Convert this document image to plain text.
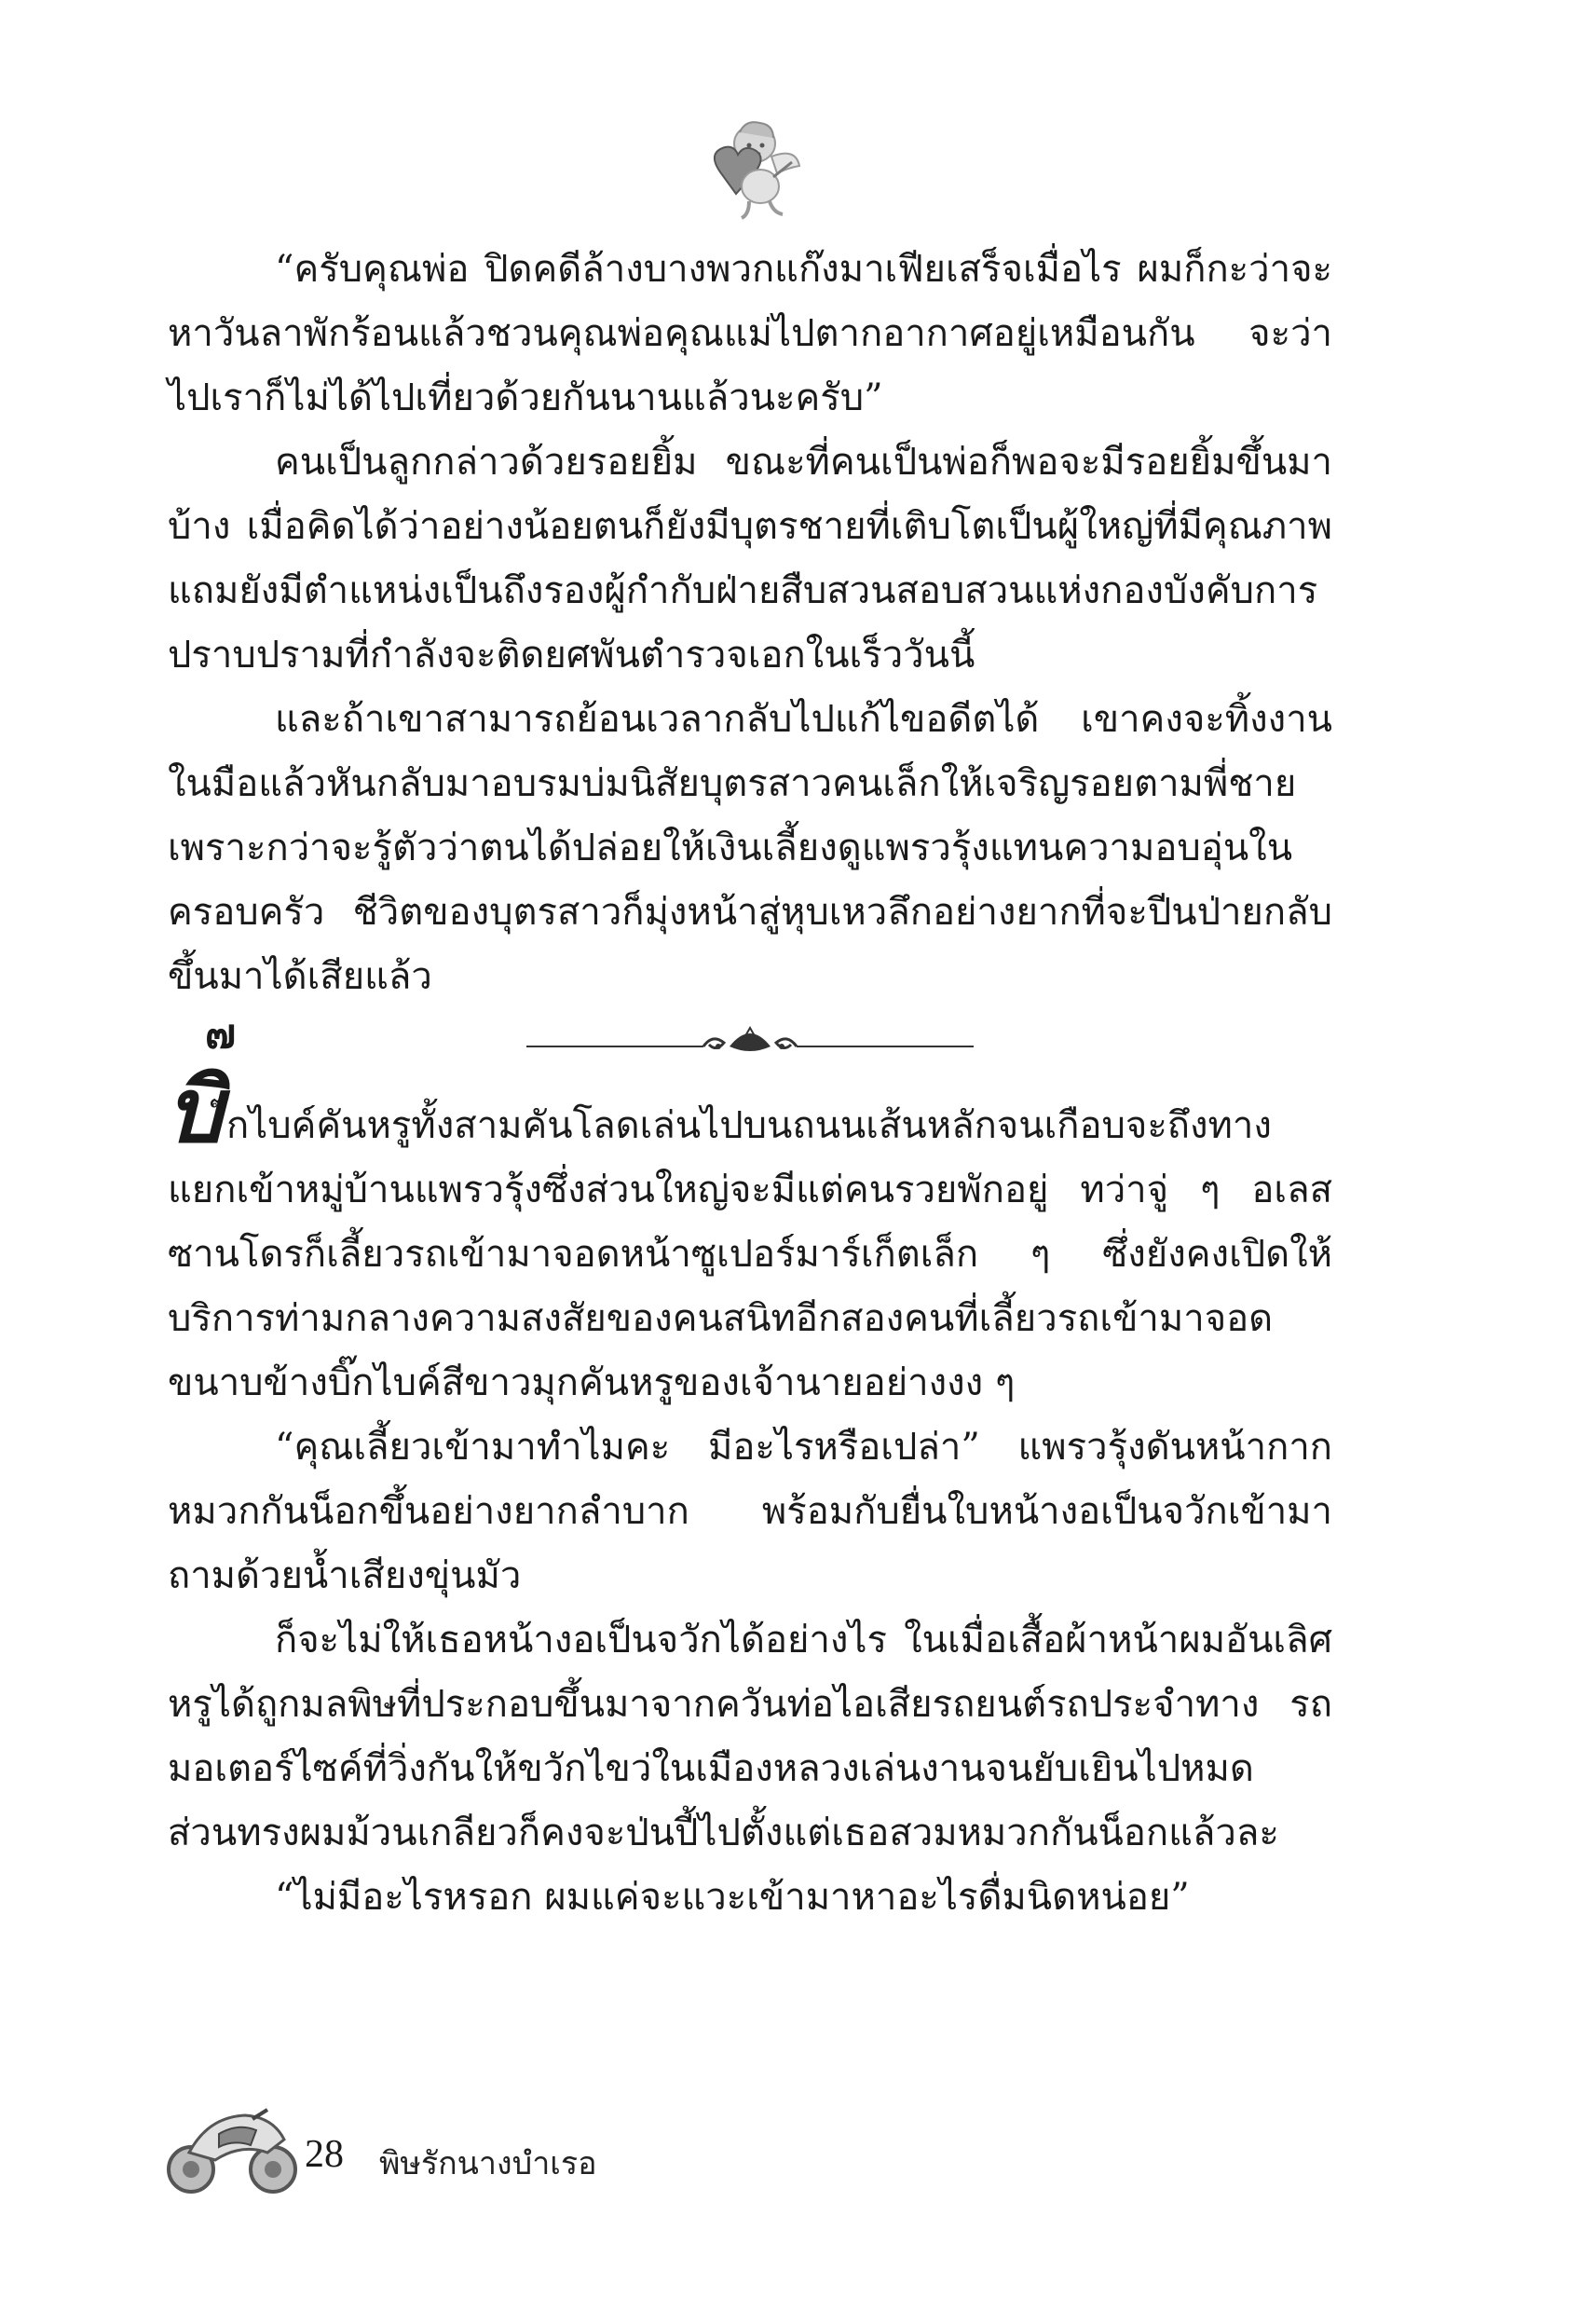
“ครับคุณพ่อ ปิดคดีล้างบางพวกแก๊งมาเฟียเสร็จเมื่อไร ผมก็กะว่าจะหาวันลาพักร้อนแล้วชวนคุณพ่อคุณแม่ไปตากอากาศอยู่เหมือนกัน จะว่าไปเราก็ไม่ได้ไปเที่ยวด้วยกันนานแล้วนะครับ”

คนเป็นลูกกล่าวด้วยรอยยิ้ม ขณะที่คนเป็นพ่อก็พอจะมีรอยยิ้มขึ้นมาบ้าง เมื่อคิดได้ว่าอย่างน้อยตนก็ยังมีบุตรชายที่เติบโตเป็นผู้ใหญ่ที่มีคุณภาพ แถมยังมีตำแหน่งเป็นถึงรองผู้กำกับฝ่ายสืบสวนสอบสวนแห่งกองบังคับการปราบปรามที่กำลังจะติดยศพันตำรวจเอกในเร็ววันนี้

และถ้าเขาสามารถย้อนเวลากลับไปแก้ไขอดีตได้ เขาคงจะทิ้งงานในมือแล้วหันกลับมาอบรมบ่มนิสัยบุตรสาวคนเล็กให้เจริญรอยตามพี่ชาย เพราะกว่าจะรู้ตัวว่าตนได้ปล่อยให้เงินเลี้ยงดูแพรวรุ้งแทนความอบอุ่นในครอบครัว ชีวิตของบุตรสาวก็มุ่งหน้าสู่หุบเหวลึกอย่างยากที่จะปีนป่ายกลับขึ้นมาได้เสียแล้ว

๗

บิ ๊กไบค์คันหรูทั้งสามคันโลดเล่นไปบนถนนเส้นหลักจนเกือบจะถึงทางแยกเข้าหมู่บ้านแพรวรุ้งซึ่งส่วนใหญ่จะมีแต่คนรวยพักอยู่ ทว่าจู่ ๆ อเลสซานโดรก็เลี้ยวรถเข้ามาจอดหน้าซูเปอร์มาร์เก็ตเล็ก ๆ ซึ่งยังคงเปิดให้บริการท่ามกลางความสงสัยของคนสนิทอีกสองคนที่เลี้ยวรถเข้ามาจอดขนาบข้างบิ๊กไบค์สีขาวมุกคันหรูของเจ้านายอย่างงง ๆ

“คุณเลี้ยวเข้ามาทำไมคะ มีอะไรหรือเปล่า” แพรวรุ้งดันหน้ากากหมวกกันน็อกขึ้นอย่างยากลำบาก พร้อมกับยื่นใบหน้างอเป็นจวักเข้ามาถามด้วยน้ำเสียงขุ่นมัว

ก็จะไม่ให้เธอหน้างอเป็นจวักได้อย่างไร ในเมื่อเสื้อผ้าหน้าผมอันเลิศหรูได้ถูกมลพิษที่ประกอบขึ้นมาจากควันท่อไอเสียรถยนต์รถประจำทาง รถมอเตอร์ไซค์ที่วิ่งกันให้ขวักไขว่ในเมืองหลวงเล่นงานจนยับเยินไปหมด ส่วนทรงผมม้วนเกลียวก็คงจะป่นปี้ไปตั้งแต่เธอสวมหมวกกันน็อกแล้วละ

“ไม่มีอะไรหรอก ผมแค่จะแวะเข้ามาหาอะไรดื่มนิดหน่อย”

28 พิษรักนางบำเรอ
